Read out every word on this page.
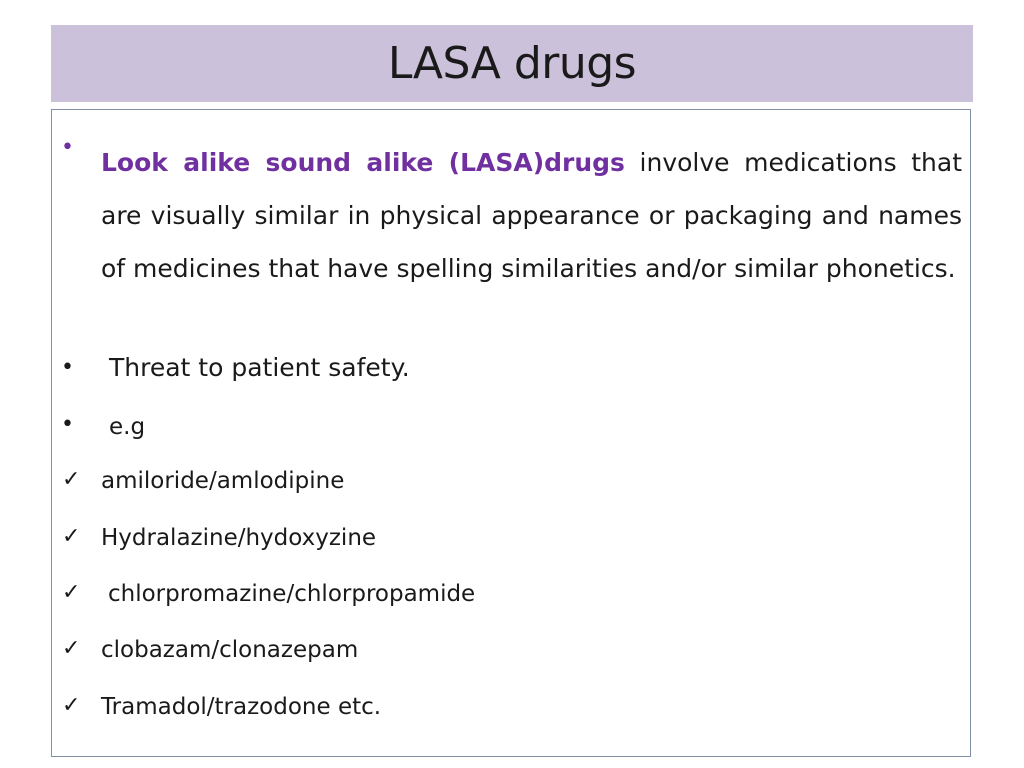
LASA drugs
•
Look alike sound alike (LASA)drugs involve medications that are visually similar in physical appearance or packaging and names of medicines that have spelling similarities and/or similar phonetics.
• Threat to patient safety.
• e.g
✓ amiloride/amlodipine
✓ Hydralazine/hydoxyzine
✓ chlorpromazine/chlorpropamide
✓ clobazam/clonazepam
✓ Tramadol/trazodone etc.
